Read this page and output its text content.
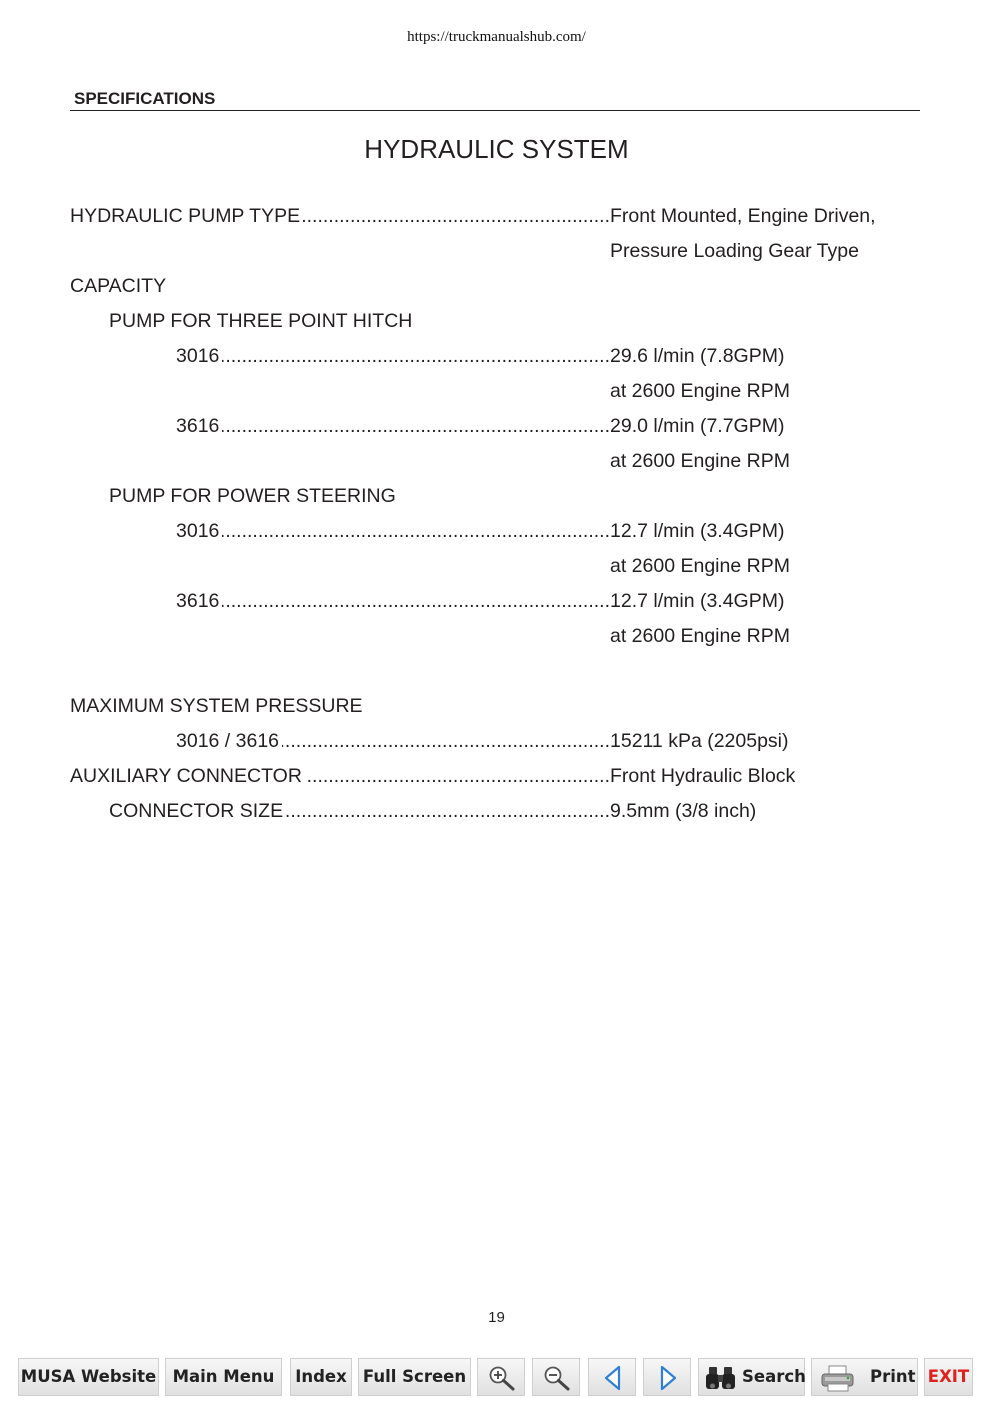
https://truckmanualshub.com/
SPECIFICATIONS
HYDRAULIC SYSTEM
HYDRAULIC PUMP TYPE .....	Front Mounted, Engine Driven,
Pressure Loading Gear Type
CAPACITY
PUMP FOR THREE POINT HITCH
3016 .....	29.6 l/min (7.8GPM)
at 2600 Engine RPM
3616 .....	29.0 l/min (7.7GPM)
at 2600 Engine RPM
PUMP FOR POWER STEERING
3016 .....	12.7 l/min (3.4GPM)
at 2600 Engine RPM
3616 .....	12.7 l/min (3.4GPM)
at 2600 Engine RPM
MAXIMUM SYSTEM PRESSURE
3016 / 3616 .....	15211 kPa (2205psi)
AUXILIARY CONNECTOR .....	Front Hydraulic Block
CONNECTOR SIZE .....	9.5mm (3/8 inch)
19
MUSA Website Main Menu	Index Full Screen	Search	Print EXIT
